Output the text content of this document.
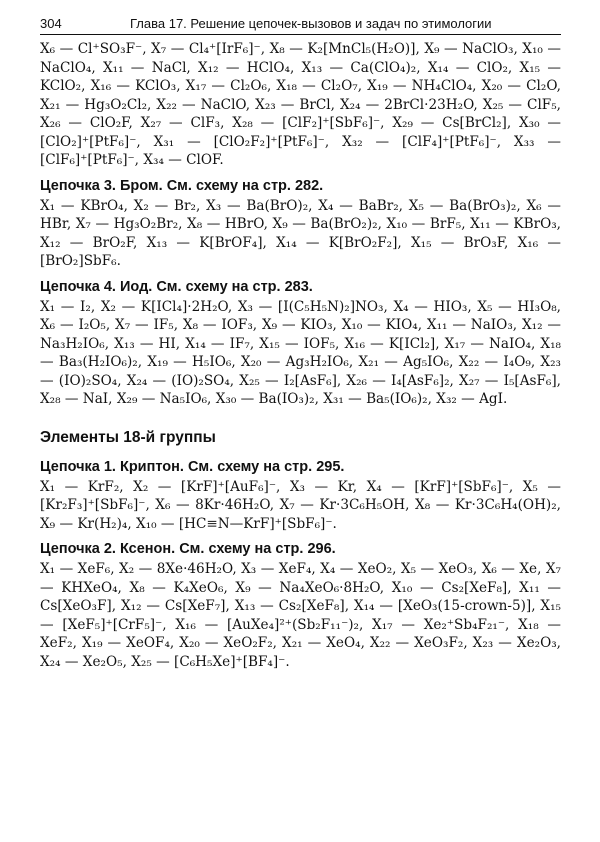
304	Глава 17. Решение цепочек-вызовов и задач по этимологии

X₆ — Cl⁺SO₃F⁻, X₇ — Cl₄⁺[IrF₆]⁻, X₈ — K₂[MnCl₅(H₂O)], X₉ — NaClO₃, X₁₀ — NaClO₄, X₁₁ — NaCl, X₁₂ — HClO₄, X₁₃ — Ca(ClO₄)₂, X₁₄ — ClO₂, X₁₅ — KClO₂, X₁₆ — KClO₃, X₁₇ — Cl₂O₆, X₁₈ — Cl₂O₇, X₁₉ — NH₄ClO₄, X₂₀ — Cl₂O, X₂₁ — Hg₃O₂Cl₂, X₂₂ — NaClO, X₂₃ — BrCl, X₂₄ — 2BrCl·23H₂O, X₂₅ — ClF₅, X₂₆ — ClO₂F, X₂₇ — ClF₃, X₂₈ — [ClF₂]⁺[SbF₆]⁻, X₂₉ — Cs[BrCl₂], X₃₀ — [ClO₂]⁺[PtF₆]⁻, X₃₁ — [ClO₂F₂]⁺[PtF₆]⁻, X₃₂ — [ClF₄]⁺[PtF₆]⁻, X₃₃ — [ClF₆]⁺[PtF₆]⁻, X₃₄ — ClOF.

Цепочка 3. Бром. См. схему на стр. 282.

X₁ — KBrO₄, X₂ — Br₂, X₃ — Ba(BrO)₂, X₄ — BaBr₂, X₅ — Ba(BrO₃)₂, X₆ — HBr, X₇ — Hg₃O₂Br₂, X₈ — HBrO, X₉ — Ba(BrO₂)₂, X₁₀ — BrF₅, X₁₁ — KBrO₃, X₁₂ — BrO₂F, X₁₃ — K[BrOF₄], X₁₄ — K[BrO₂F₂], X₁₅ — BrO₃F, X₁₆ — [BrO₂]SbF₆.

Цепочка 4. Иод. См. схему на стр. 283.

X₁ — I₂, X₂ — K[ICl₄]·2H₂O, X₃ — [I(C₅H₅N)₂]NO₃, X₄ — HIO₃, X₅ — HI₃O₈, X₆ — I₂O₅, X₇ — IF₅, X₈ — IOF₃, X₉ — KIO₃, X₁₀ — KIO₄, X₁₁ — NaIO₃, X₁₂ — Na₃H₂IO₆, X₁₃ — HI, X₁₄ — IF₇, X₁₅ — IOF₅, X₁₆ — K[ICl₂], X₁₇ — NaIO₄, X₁₈ — Ba₃(H₂IO₆)₂, X₁₉ — H₅IO₆, X₂₀ — Ag₃H₂IO₆, X₂₁ — Ag₅IO₆, X₂₂ — I₄O₉, X₂₃ — (IO)₂SO₄, X₂₄ — (IO)₂SO₄, X₂₅ — I₂[AsF₆], X₂₆ — I₄[AsF₆]₂, X₂₇ — I₅[AsF₆], X₂₈ — NaI, X₂₉ — Na₅IO₆, X₃₀ — Ba(IO₃)₂, X₃₁ — Ba₅(IO₆)₂, X₃₂ — AgI.

Элементы 18-й группы
Цепочка 1. Криптон. См. схему на стр. 295.

X₁ — KrF₂, X₂ — [KrF]⁺[AuF₆]⁻, X₃ — Kr, X₄ — [KrF]⁺[SbF₆]⁻, X₅ — [Kr₂F₃]⁺[SbF₆]⁻, X₆ — 8Kr·46H₂O, X₇ — Kr·3C₆H₅OH, X₈ — Kr·3C₆H₄(OH)₂, X₉ — Kr(H₂)₄, X₁₀ — [HC≡N—KrF]⁺[SbF₆]⁻.

Цепочка 2. Ксенон. См. схему на стр. 296.

X₁ — XeF₆, X₂ — 8Xe·46H₂O, X₃ — XeF₄, X₄ — XeO₂, X₅ — XeO₃, X₆ — Xe, X₇ — KHXeO₄, X₈ — K₄XeO₆, X₉ — Na₄XeO₆·8H₂O, X₁₀ — Cs₂[XeF₈], X₁₁ — Cs[XeO₃F], X₁₂ — Cs[XeF₇], X₁₃ — Cs₂[XeF₈], X₁₄ — [XeO₃(15-crown-5)], X₁₅ — [XeF₅]⁺[CrF₅]⁻, X₁₆ — [AuXe₄]²⁺(Sb₂F₁₁⁻)₂, X₁₇ — Xe₂⁺Sb₄F₂₁⁻, X₁₈ — XeF₂, X₁₉ — XeOF₄, X₂₀ — XeO₂F₂, X₂₁ — XeO₄, X₂₂ — XeO₃F₂, X₂₃ — Xe₂O₃, X₂₄ — Xe₂O₅, X₂₅ — [C₆H₅Xe]⁺[BF₄]⁻.
